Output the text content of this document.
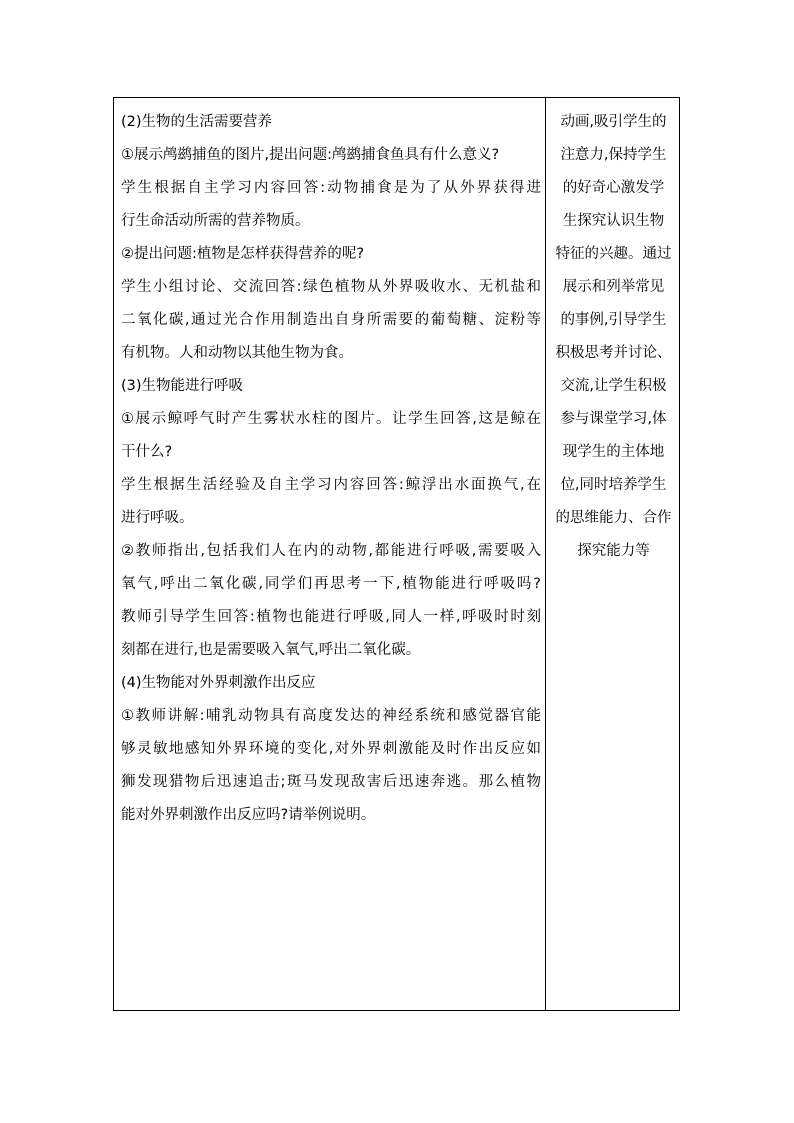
(2)生物的生活需要营养
①展示鸬鹚捕鱼的图片,提出问题:鸬鹚捕食鱼具有什么意义?
学生根据自主学习内容回答:动物捕食是为了从外界获得进
行生命活动所需的营养物质。
②提出问题:植物是怎样获得营养的呢?
学生小组讨论、交流回答:绿色植物从外界吸收水、无机盐和
二氧化碳,通过光合作用制造出自身所需要的葡萄糖、淀粉等
有机物。人和动物以其他生物为食。
(3)生物能进行呼吸
①展示鲸呼气时产生雾状水柱的图片。让学生回答,这是鲸在
干什么?
学生根据生活经验及自主学习内容回答:鲸浮出水面换气,在
进行呼吸。
②教师指出,包括我们人在内的动物,都能进行呼吸,需要吸入
氧气,呼出二氧化碳,同学们再思考一下,植物能进行呼吸吗?
教师引导学生回答:植物也能进行呼吸,同人一样,呼吸时时刻
刻都在进行,也是需要吸入氧气,呼出二氧化碳。
(4)生物能对外界刺激作出反应
①教师讲解:哺乳动物具有高度发达的神经系统和感觉器官能
够灵敏地感知外界环境的变化,对外界刺激能及时作出反应如
狮发现猎物后迅速追击;斑马发现敌害后迅速奔逃。那么植物
能对外界刺激作出反应吗?请举例说明。
动画,吸引学生的
注意力,保持学生
的好奇心激发学
生探究认识生物
特征的兴趣。通过
展示和列举常见
的事例,引导学生
积极思考并讨论、
交流,让学生积极
参与课堂学习,体
现学生的主体地
位,同时培养学生
的思维能力、合作
探究能力等
